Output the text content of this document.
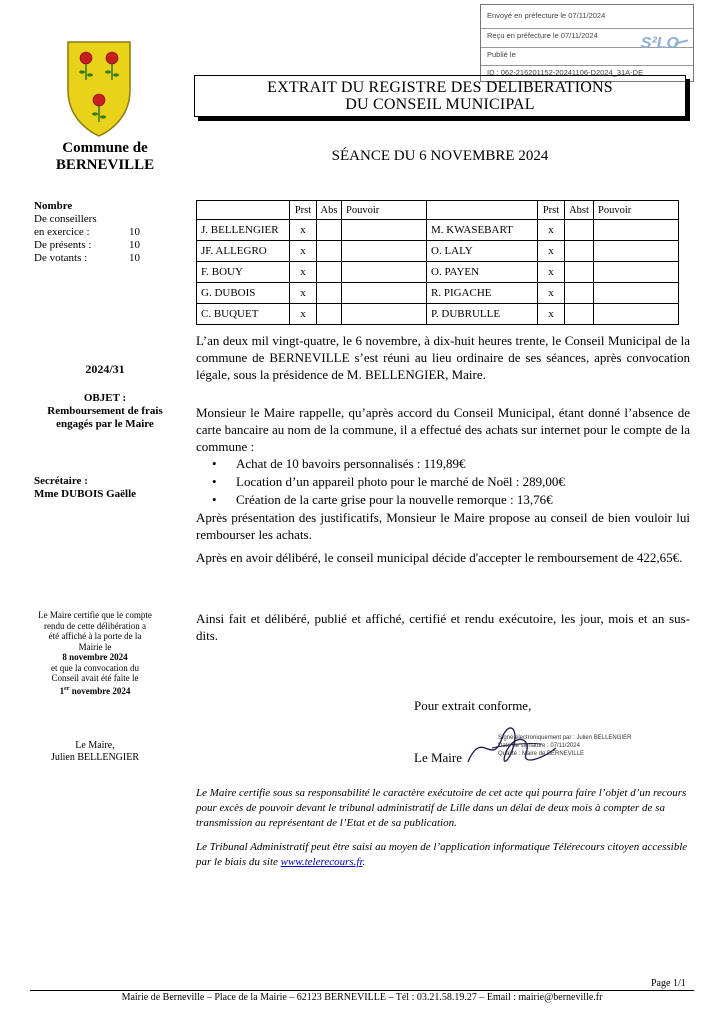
Envoyé en préfecture le 07/11/2024
Reçu en préfecture le 07/11/2024
Publié le
ID : 062-216201152-20241106-D2024_31A-DE
S²LO
Commune de
BERNEVILLE
EXTRAIT DU REGISTRE DES DELIBERATIONS
DU CONSEIL MUNICIPAL
SÉANCE DU 6 NOVEMBRE 2024
Nombre
De conseillers
en exercice :	10
De présents :	10
De votants :	10
2024/31
OBJET :
Remboursement de frais engagés par le Maire
Secrétaire :
Mme DUBOIS Gaëlle
	Prst	Abs	Pouvoir		Prst	Abst	Pouvoir
J. BELLENGIER	x			M. KWASEBART	x		
JF. ALLEGRO	x			O. LALY	x		
F. BOUY	x			O. PAYEN	x		
G. DUBOIS	x			R. PIGACHE	x		
C. BUQUET	x			P. DUBRULLE	x		
L’an deux mil vingt-quatre, le 6 novembre, à dix-huit heures trente, le Conseil Municipal de la commune de BERNEVILLE s’est réuni au lieu ordinaire de ses séances, après convocation légale, sous la présidence de M. BELLENGIER, Maire.
Monsieur le Maire rappelle, qu’après accord du Conseil Municipal, étant donné l’absence de carte bancaire au nom de la commune, il a effectué des achats sur internet pour le compte de la commune :
• Achat de 10 bavoirs personnalisés : 119,89€
• Location d’un appareil photo pour le marché de Noël : 289,00€
• Création de la carte grise pour la nouvelle remorque : 13,76€
Après présentation des justificatifs, Monsieur le Maire propose au conseil de bien vouloir lui rembourser les achats.
Après en avoir délibéré, le conseil municipal décide d'accepter le remboursement de 422,65€.
Ainsi fait et délibéré, publié et affiché, certifié et rendu exécutoire, les jour, mois et an sus-dits.
Pour extrait conforme,
Le Maire
Signé électroniquement par : Julien BELLENGIER
Date de signature : 07/11/2024
Qualité : Maire de BERNEVILLE
Le Maire certifie que le compte
rendu de cette délibération a
été affiché à la porte de la
Mairie le
8 novembre 2024
et que la convocation du
Conseil avait été faite le
1er novembre 2024
Le Maire,
Julien BELLENGIER
Le Maire certifie sous sa responsabilité le caractère exécutoire de cet acte qui pourra faire l’objet d’un recours pour excès de pouvoir devant le tribunal administratif de Lille dans un délai de deux mois à compter de sa transmission au représentant de l’Etat et de sa publication.
Le Tribunal Administratif peut être saisi au moyen de l’application informatique Télérecours citoyen accessible par le biais du site www.telerecours.fr.
Page 1/1
Mairie de Berneville – Place de la Mairie – 62123 BERNEVILLE – Tél : 03.21.58.19.27 – Email : mairie@berneville.fr
